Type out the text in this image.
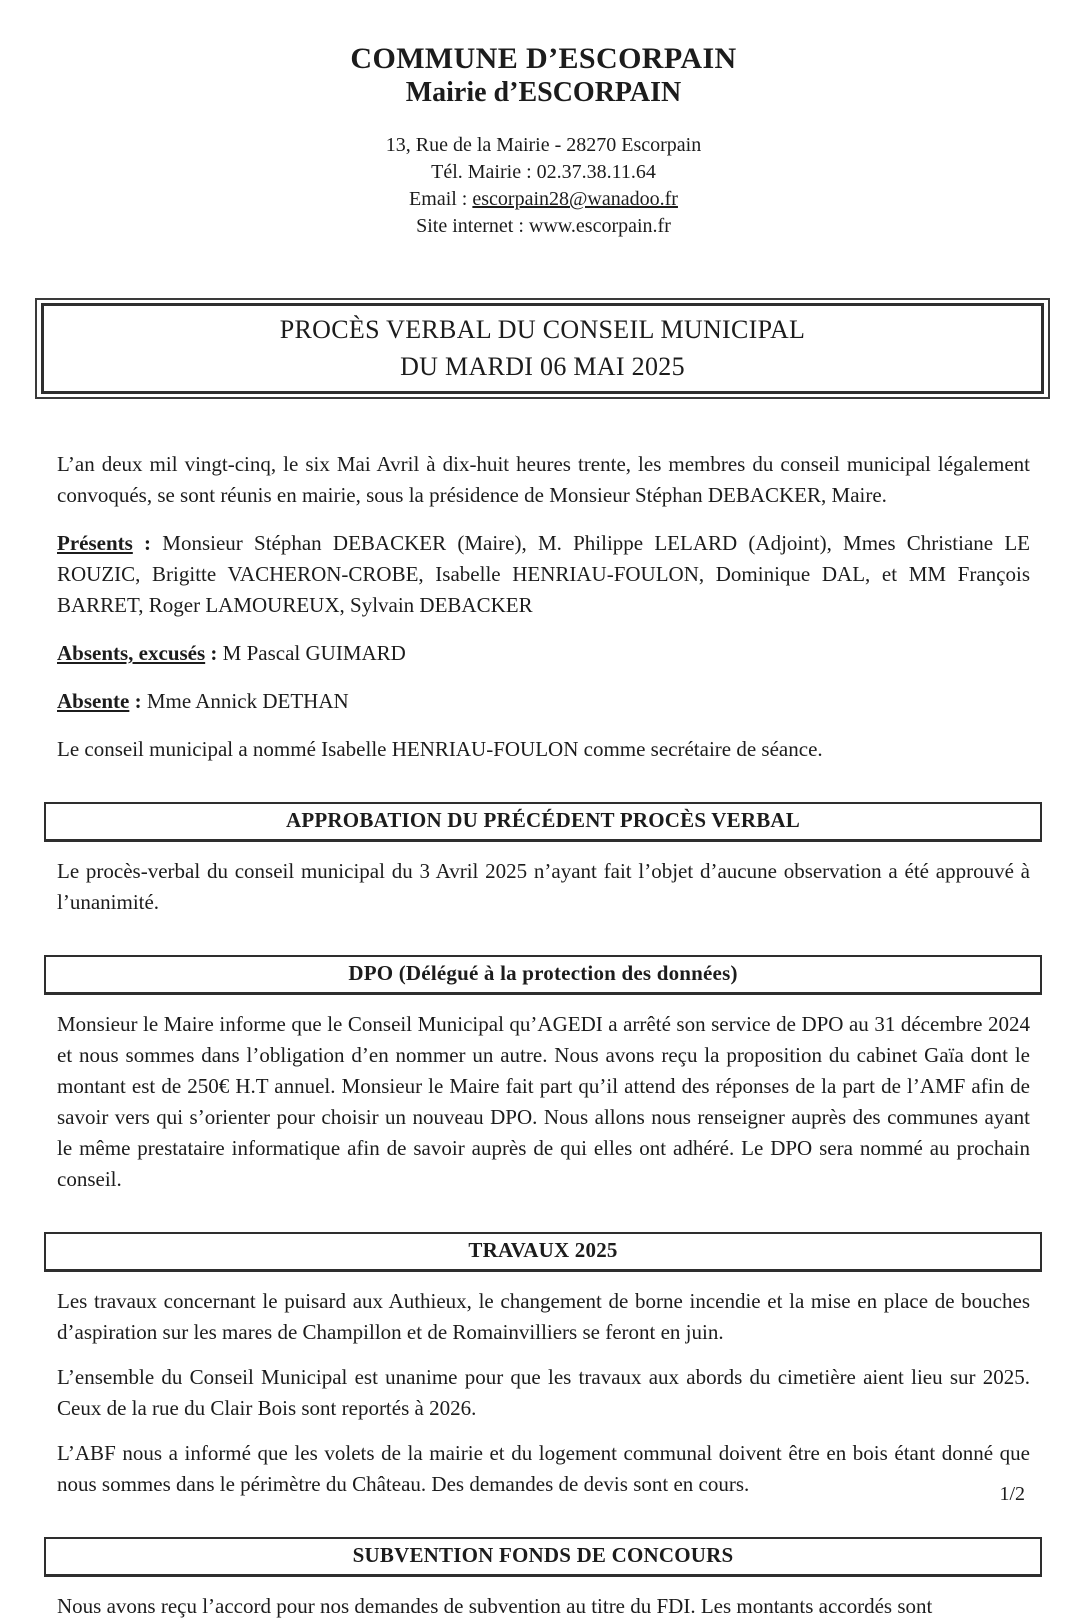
COMMUNE D’ESCORPAIN
Mairie d’ESCORPAIN
13, Rue de la Mairie - 28270 Escorpain
Tél. Mairie : 02.37.38.11.64
Email : escorpain28@wanadoo.fr
Site internet : www.escorpain.fr
PROCÈS VERBAL DU CONSEIL MUNICIPAL
DU MARDI 06 MAI 2025

L’an deux mil vingt-cinq, le six Mai Avril à dix-huit heures trente, les membres du conseil municipal légalement convoqués, se sont réunis en mairie, sous la présidence de Monsieur Stéphan DEBACKER, Maire.

Présents : Monsieur Stéphan DEBACKER (Maire), M. Philippe LELARD (Adjoint), Mmes Christiane LE ROUZIC, Brigitte VACHERON-CROBE, Isabelle HENRIAU-FOULON, Dominique DAL, et MM François BARRET, Roger LAMOUREUX, Sylvain DEBACKER

Absents, excusés : M Pascal GUIMARD

Absente : Mme Annick DETHAN

Le conseil municipal a nommé Isabelle HENRIAU-FOULON comme secrétaire de séance.

APPROBATION DU PRÉCÉDENT PROCÈS VERBAL

Le procès-verbal du conseil municipal du 3 Avril 2025 n’ayant fait l’objet d’aucune observation a été approuvé à l’unanimité.

DPO (Délégué à la protection des données)

Monsieur le Maire informe que le Conseil Municipal qu’AGEDI a arrêté son service de DPO au 31 décembre 2024 et nous sommes dans l’obligation d’en nommer un autre. Nous avons reçu la proposition du cabinet Gaïa dont le montant est de 250€ H.T annuel. Monsieur le Maire fait part qu’il attend des réponses de la part de l’AMF afin de savoir vers qui s’orienter pour choisir un nouveau DPO. Nous allons nous renseigner auprès des communes ayant le même prestataire informatique afin de savoir auprès de qui elles ont adhéré. Le DPO sera nommé au prochain conseil.

TRAVAUX 2025

Les travaux concernant le puisard aux Authieux, le changement de borne incendie et la mise en place de bouches d’aspiration sur les mares de Champillon et de Romainvilliers se feront en juin.

L’ensemble du Conseil Municipal est unanime pour que les travaux aux abords du cimetière aient lieu sur 2025. Ceux de la rue du Clair Bois sont reportés à 2026.

L’ABF nous a informé que les volets de la mairie et du logement communal doivent être en bois étant donné que nous sommes dans le périmètre du Château. Des demandes de devis sont en cours.

SUBVENTION FONDS DE CONCOURS

Nous avons reçu l’accord pour nos demandes de subvention au titre du FDI. Les montants accordés sont

1/2
